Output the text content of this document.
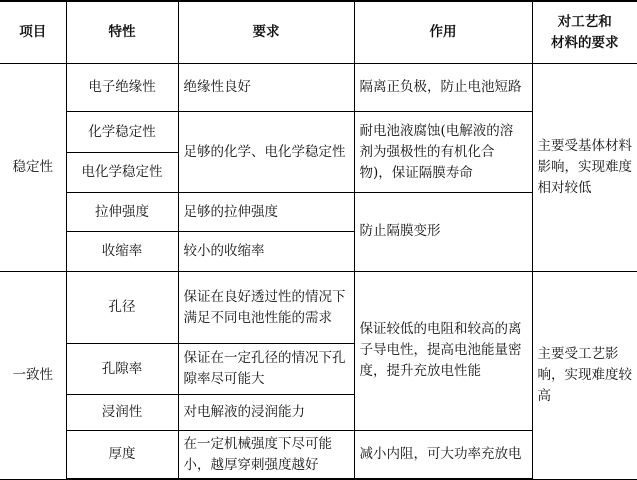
项目	特性	要求	作用	对工艺和
材料的要求
稳定性	电子绝缘性	绝缘性良好	隔离正负极，防止电池短路	主要受基体材料影响，实现难度相对较低
	化学稳定性	足够的化学、电化学稳定性	耐电池液腐蚀(电解液的溶剂为强极性的有机化合物)，保证隔膜寿命	
	电化学稳定性			
	拉伸强度	足够的拉伸强度	防止隔膜变形	
	收缩率	较小的收缩率		
一致性	孔径	保证在良好透过性的情况下满足不同电池性能的需求	保证较低的电阻和较高的离子导电性，提高电池能量密度，提升充放电性能	主要受工艺影响，实现难度较高
	孔隙率	保证在一定孔径的情况下孔隙率尽可能大		
	浸润性	对电解液的浸润能力		
	厚度	在一定机械强度下尽可能小，越厚穿刺强度越好	减小内阻，可大功率充放电	
